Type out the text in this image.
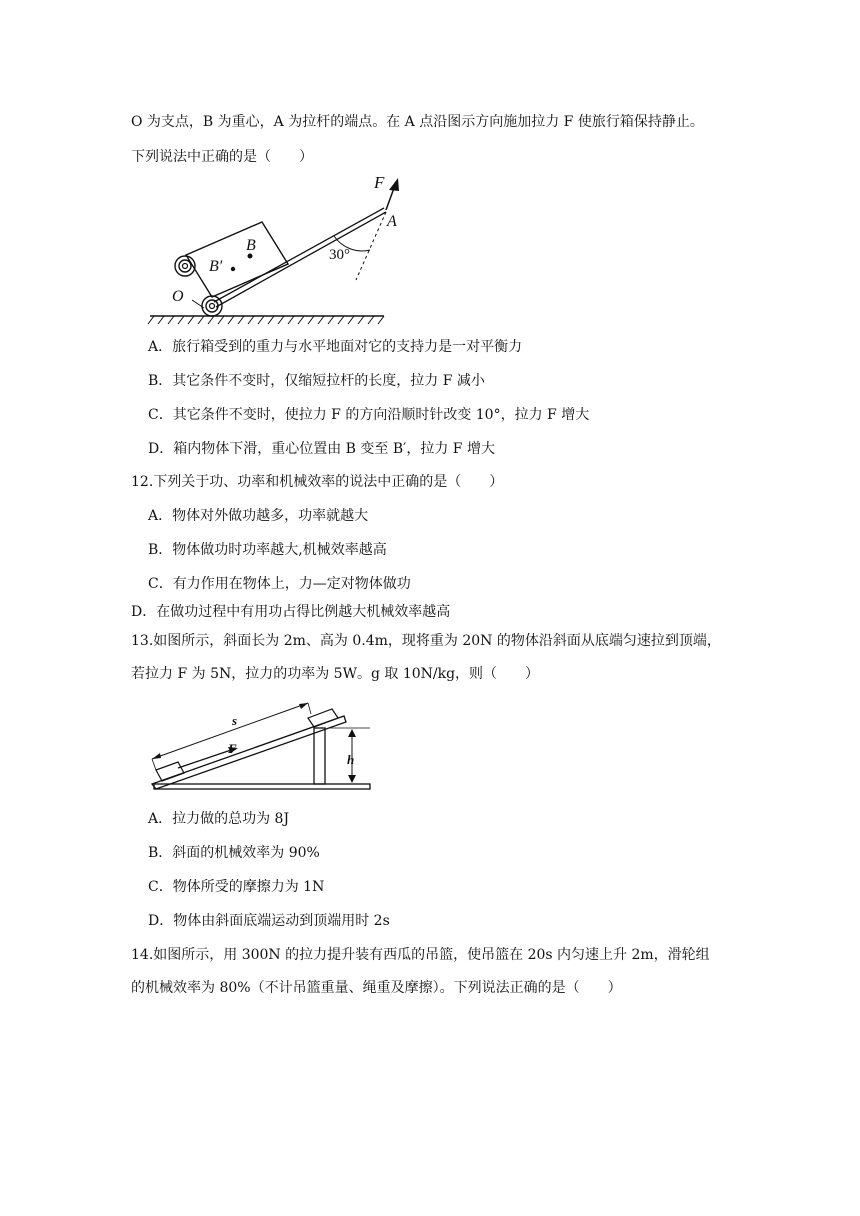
O 为支点，B 为重心，A 为拉杆的端点。在 A 点沿图示方向施加拉力 F 使旅行箱保持静止。
下列说法中正确的是（　　）
F
A
B
B′
O
30°
A．旅行箱受到的重力与水平地面对它的支持力是一对平衡力
B．其它条件不变时，仅缩短拉杆的长度，拉力 F 减小
C．其它条件不变时，使拉力 F 的方向沿顺时针改变 10°，拉力 F 增大
D．箱内物体下滑，重心位置由 B 变至 B′，拉力 F 增大
12.下列关于功、功率和机械效率的说法中正确的是（　　）
A．物体对外做功越多，功率就越大
B．物体做功时功率越大,机械效率越高
C．有力作用在物体上，力—定对物体做功
D．在做功过程中有用功占得比例越大机械效率越高
13.如图所示，斜面长为 2m、高为 0.4m，现将重为 20N 的物体沿斜面从底端匀速拉到顶端，
若拉力 F 为 5N，拉力的功率为 5W。g 取 10N/kg，则（　　）
s
F
h
A．拉力做的总功为 8J
B．斜面的机械效率为 90%
C．物体所受的摩擦力为 1N
D．物体由斜面底端运动到顶端用时 2s
14.如图所示，用 300N 的拉力提升装有西瓜的吊篮，使吊篮在 20s 内匀速上升 2m，滑轮组
的机械效率为 80%（不计吊篮重量、绳重及摩擦）。下列说法正确的是（　　）
